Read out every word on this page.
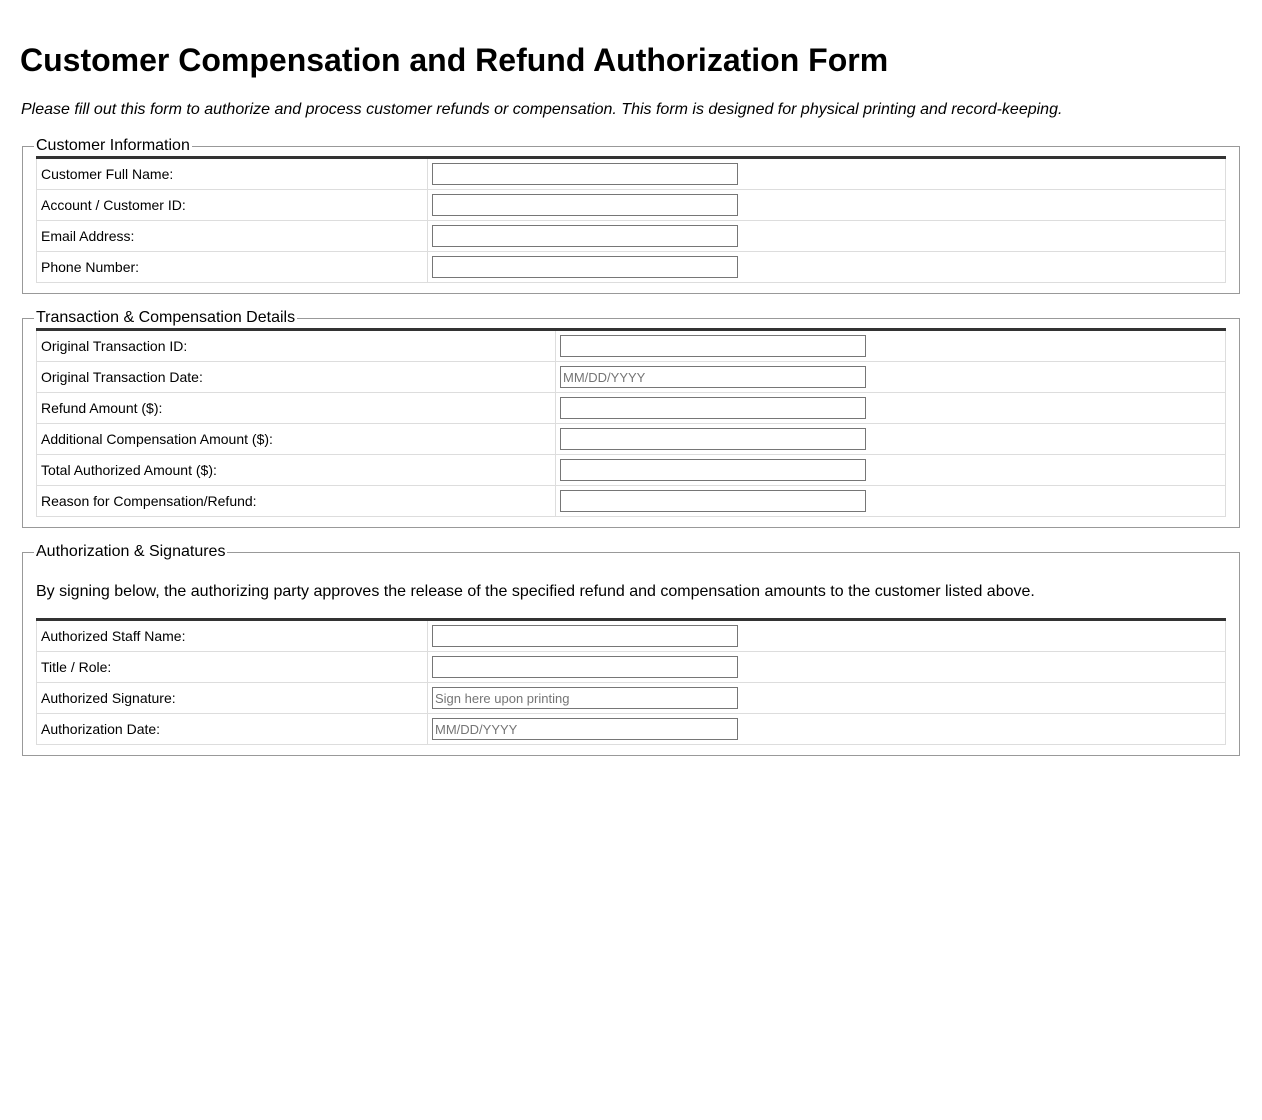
Customer Compensation and Refund Authorization Form

Please fill out this form to authorize and process customer refunds or compensation. This form is designed for physical printing and record-keeping.

Customer Information
Customer Full Name:	

Account / Customer ID:	

Email Address:	

Phone Number:	
Transaction & Compensation Details
Original Transaction ID:	

Original Transaction Date:	
MM/DD/YYYY
Refund Amount ($):	

Additional Compensation Amount ($):	

Total Authorized Amount ($):	

Reason for Compensation/Refund:	
Authorization & Signatures

By signing below, the authorizing party approves the release of the specified refund and compensation amounts to the customer listed above.

Authorized Staff Name:	

Title / Role:	

Authorized Signature:	
Sign here upon printing
Authorization Date:	
MM/DD/YYYY
